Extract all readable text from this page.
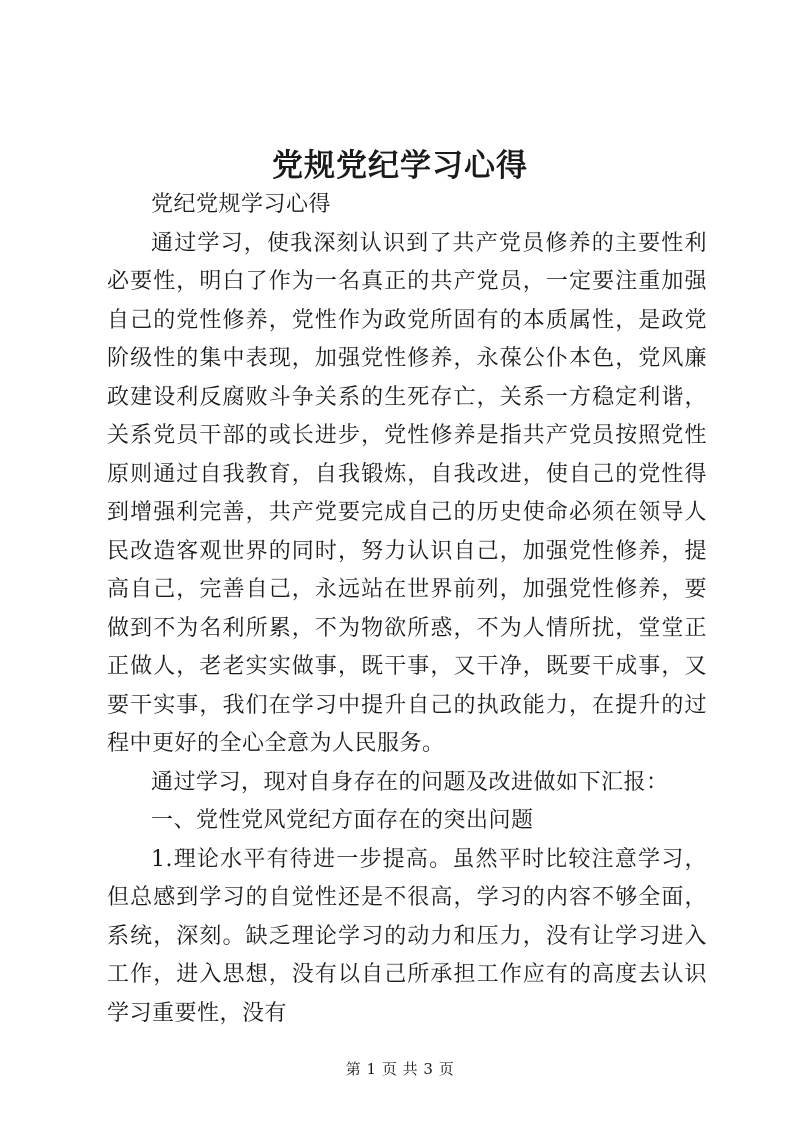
党规党纪学习心得

党纪党规学习心得

通过学习，使我深刻认识到了共产党员修养的主要性利必要性，明白了作为一名真正的共产党员，一定要注重加强自己的党性修养，党性作为政党所固有的本质属性，是政党阶级性的集中表现，加强党性修养，永葆公仆本色，党风廉政建设利反腐败斗争关系的生死存亡，关系一方稳定利谐，关系党员干部的或长进步，党性修养是指共产党员按照党性原则通过自我教育，自我锻炼，自我改进，使自己的党性得到增强利完善，共产党要完成自己的历史使命必须在领导人民改造客观世界的同时，努力认识自己，加强党性修养，提高自己，完善自己，永远站在世界前列，加强党性修养，要做到不为名利所累，不为物欲所惑，不为人情所扰，堂堂正正做人，老老实实做事，既干事，又干净，既要干成事，又要干实事，我们在学习中提升自己的执政能力，在提升的过程中更好的全心全意为人民服务。

通过学习，现对自身存在的问题及改进做如下汇报：

一、党性党风党纪方面存在的突出问题

1.理论水平有待进一步提高。虽然平时比较注意学习，但总感到学习的自觉性还是不很高，学习的内容不够全面，系统，深刻。缺乏理论学习的动力和压力，没有让学习进入工作，进入思想，没有以自己所承担工作应有的高度去认识学习重要性，没有

第 1 页 共 3 页
